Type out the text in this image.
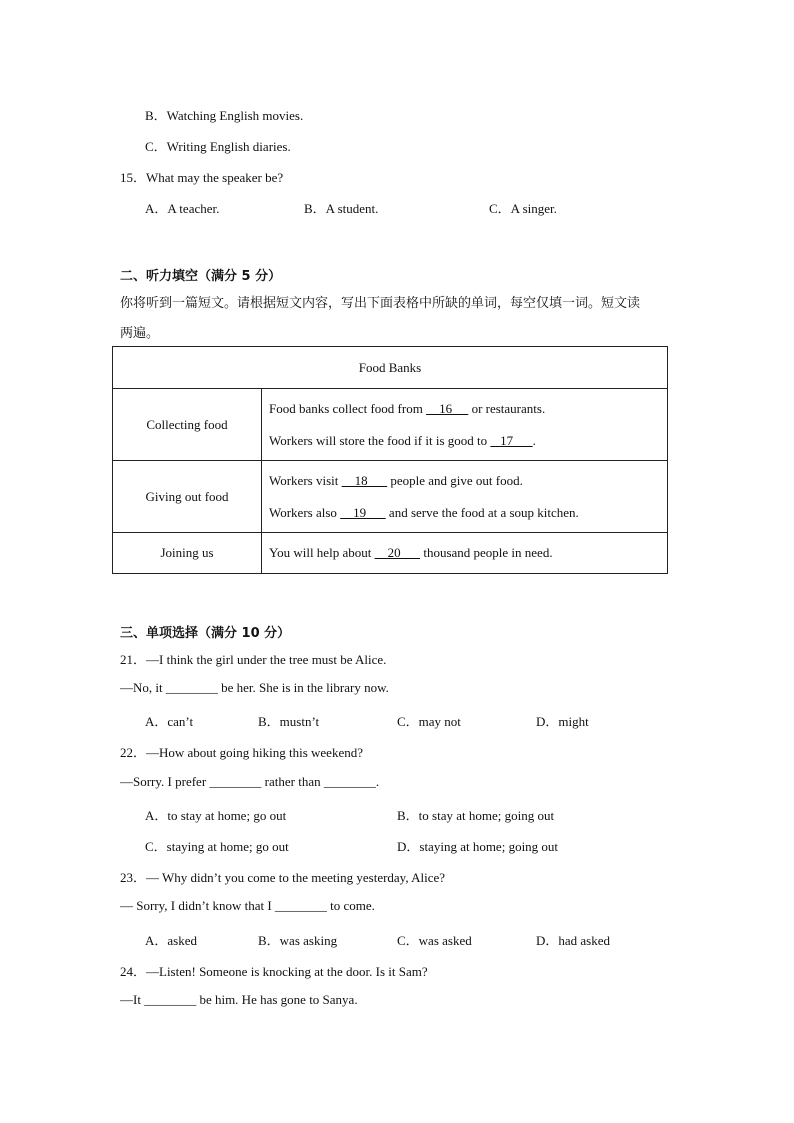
B．Watching English movies.
C．Writing English diaries.
15．What may the speaker be?
A．A teacher.	B．A student.	C．A singer.
二、听力填空（满分 5 分）
你将听到一篇短文。请根据短文内容，写出下面表格中所缺的单词，每空仅填一词。短文读
两遍。
Food Banks	
Collecting food	Food banks collect food from     16      or restaurants.
Workers will store the food if it is good to    17      .

Giving out food	Workers visit     18       people and give out food.
Workers also     19       and serve the food at a soup kitchen.

Joining us	You will help about     20       thousand people in need.
三、单项选择（满分 10 分）
21．—I think the girl under the tree must be Alice.
—No, it ________ be her. She is in the library now.
A．can’t	B．mustn’t	C．may not	D．might
22．—How about going hiking this weekend?
—Sorry. I prefer ________ rather than ________.
A．to stay at home; go out	B．to stay at home; going out
C．staying at home; go out	D．staying at home; going out
23．— Why didn’t you come to the meeting yesterday, Alice?
— Sorry, I didn’t know that I ________ to come.
A．asked	B．was asking	C．was asked	D．had asked
24．—Listen! Someone is knocking at the door. Is it Sam?
—It ________ be him. He has gone to Sanya.
